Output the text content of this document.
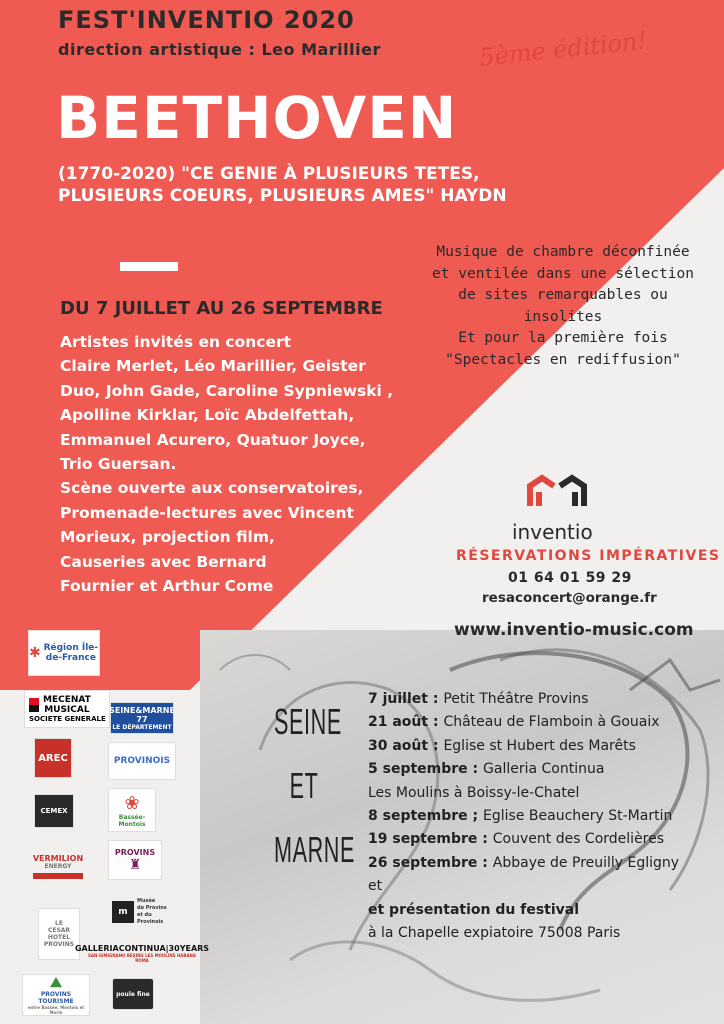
FEST'INVENTIO 2020
direction artistique : Leo Marillier	5ème édition!
BEETHOVEN
(1770-2020) "CE GENIE À PLUSIEURS TETES,
PLUSIEURS COEURS, PLUSIEURS AMES" HAYDN
DU 7 JUILLET AU 26 SEPTEMBRE
Artistes invités en concert
Claire Merlet, Léo Marillier, Geister
Duo, John Gade, Caroline Sypniewski ,
Apolline Kirklar, Loïc Abdelfettah,
Emmanuel Acurero, Quatuor Joyce,
Trio Guersan.
Scène ouverte aux conservatoires,
Promenade-lectures avec Vincent
Morieux, projection film,
Causeries avec Bernard
Fournier et Arthur Come
Musique de chambre déconfinée
et ventilée dans une sélection
de sites remarquables ou
insolites
Et pour la première fois
"Spectacles en rediffusion"
inventio
RÉSERVATIONS IMPÉRATIVES
01 64 01 59 29
resaconcert@orange.fr
www.inventio-music.com
SEINE
ET
MARNE
7 juillet : Petit Théâtre Provins
21 août : Château de Flamboin à Gouaix
30 août : Eglise st Hubert des Marêts
5 septembre : Galleria Continua
Les Moulins à Boissy-le-Chatel
8 septembre ; Eglise Beauchery St-Martin
19 septembre : Couvent des Cordelières
26 septembre : Abbaye de Preuilly Egligny
et
et présentation du festival
à la Chapelle expiatoire 75008 Paris
✱ Région Île-de-France
MECENAT
MUSICAL
SOCIETE GENERALE
SEINE&MARNE 77
LE DÉPARTEMENT
AREC	PROVINOIS
CEMEX	❀
Bassée-Montois
VERMILION
ENERGY
PROVINS
♜
LE
CESAR
HOTEL
PROVINS
m
Musée
de Provins
et du
Provinois
GALLERIACONTINUA|30YEARS
SAN GIMIGNANO BEIJING LES MOULINS HABANA ROMA
⛰
PROVINS TOURISME
entre Bassée, Montois et Morin
poule fine
